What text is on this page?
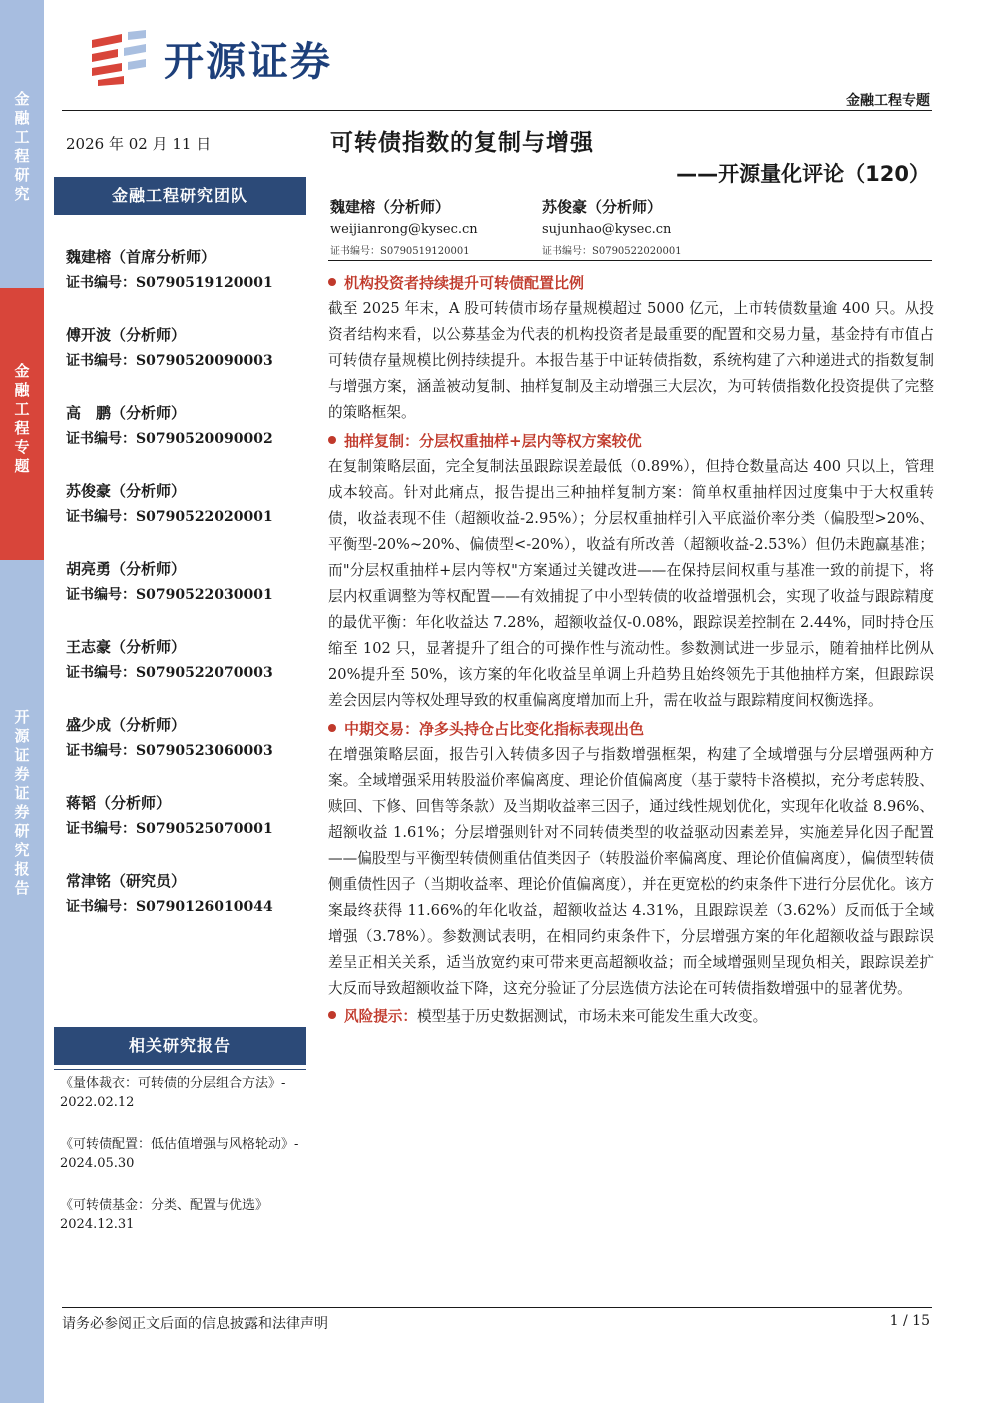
金融工程研究
金融工程专题
开源证券 证券研究报告
开源证券
金融工程专题
2026 年 02 月 11 日	可转债指数的复制与增强
——开源量化评论（120）
金融工程研究团队
魏建榕（首席分析师）
证书编号：S0790519120001
傅开波（分析师）
证书编号：S0790520090003
高　鹏（分析师）
证书编号：S0790520090002
苏俊豪（分析师）
证书编号：S0790522020001
胡亮勇（分析师）
证书编号：S0790522030001
王志豪（分析师）
证书编号：S0790522070003
盛少成（分析师）
证书编号：S0790523060003
蒋韬（分析师）
证书编号：S0790525070001
常津铭（研究员）
证书编号：S0790126010044
相关研究报告
《量体裁衣：可转债的分层组合方法》- 2022.02.12
《可转债配置：低估值增强与风格轮动》- 2024.05.30
《可转债基金：分类、配置与优选》2024.12.31
魏建榕（分析师）
weijianrong@kysec.cn
证书编号：S0790519120001
苏俊豪（分析师）
sujunhao@kysec.cn
证书编号：S0790522020001
机构投资者持续提升可转债配置比例

截至 2025 年末，A 股可转债市场存量规模超过 5000 亿元，上市转债数量逾 400 只。从投资者结构来看，以公募基金为代表的机构投资者是最重要的配置和交易力量，基金持有市值占可转债存量规模比例持续提升。本报告基于中证转债指数，系统构建了六种递进式的指数复制与增强方案，涵盖被动复制、抽样复制及主动增强三大层次，为可转债指数化投资提供了完整的策略框架。

抽样复制：分层权重抽样+层内等权方案较优

在复制策略层面，完全复制法虽跟踪误差最低（0.89%），但持仓数量高达 400 只以上，管理成本较高。针对此痛点，报告提出三种抽样复制方案：简单权重抽样因过度集中于大权重转债，收益表现不佳（超额收益-2.95%）；分层权重抽样引入平底溢价率分类（偏股型>20%、平衡型-20%~20%、偏债型<-20%），收益有所改善（超额收益-2.53%）但仍未跑赢基准；而"分层权重抽样+层内等权"方案通过关键改进——在保持层间权重与基准一致的前提下，将层内权重调整为等权配置——有效捕捉了中小型转债的收益增强机会，实现了收益与跟踪精度的最优平衡：年化收益达 7.28%，超额收益仅-0.08%，跟踪误差控制在 2.44%，同时持仓压缩至 102 只，显著提升了组合的可操作性与流动性。参数测试进一步显示，随着抽样比例从 20%提升至 50%，该方案的年化收益呈单调上升趋势且始终领先于其他抽样方案，但跟踪误差会因层内等权处理导致的权重偏离度增加而上升，需在收益与跟踪精度间权衡选择。

中期交易：净多头持仓占比变化指标表现出色

在增强策略层面，报告引入转债多因子与指数增强框架，构建了全域增强与分层增强两种方案。全域增强采用转股溢价率偏离度、理论价值偏离度（基于蒙特卡洛模拟，充分考虑转股、赎回、下修、回售等条款）及当期收益率三因子，通过线性规划优化，实现年化收益 8.96%、超额收益 1.61%；分层增强则针对不同转债类型的收益驱动因素差异，实施差异化因子配置——偏股型与平衡型转债侧重估值类因子（转股溢价率偏离度、理论价值偏离度），偏债型转债侧重债性因子（当期收益率、理论价值偏离度），并在更宽松的约束条件下进行分层优化。该方案最终获得 11.66%的年化收益，超额收益达 4.31%，且跟踪误差（3.62%）反而低于全域增强（3.78%）。参数测试表明，在相同约束条件下，分层增强方案的年化超额收益与跟踪误差呈正相关关系，适当放宽约束可带来更高超额收益；而全域增强则呈现负相关，跟踪误差扩大反而导致超额收益下降，这充分验证了分层选债方法论在可转债指数增强中的显著优势。

风险提示：模型基于历史数据测试，市场未来可能发生重大改变。
请务必参阅正文后面的信息披露和法律声明	1 / 15
